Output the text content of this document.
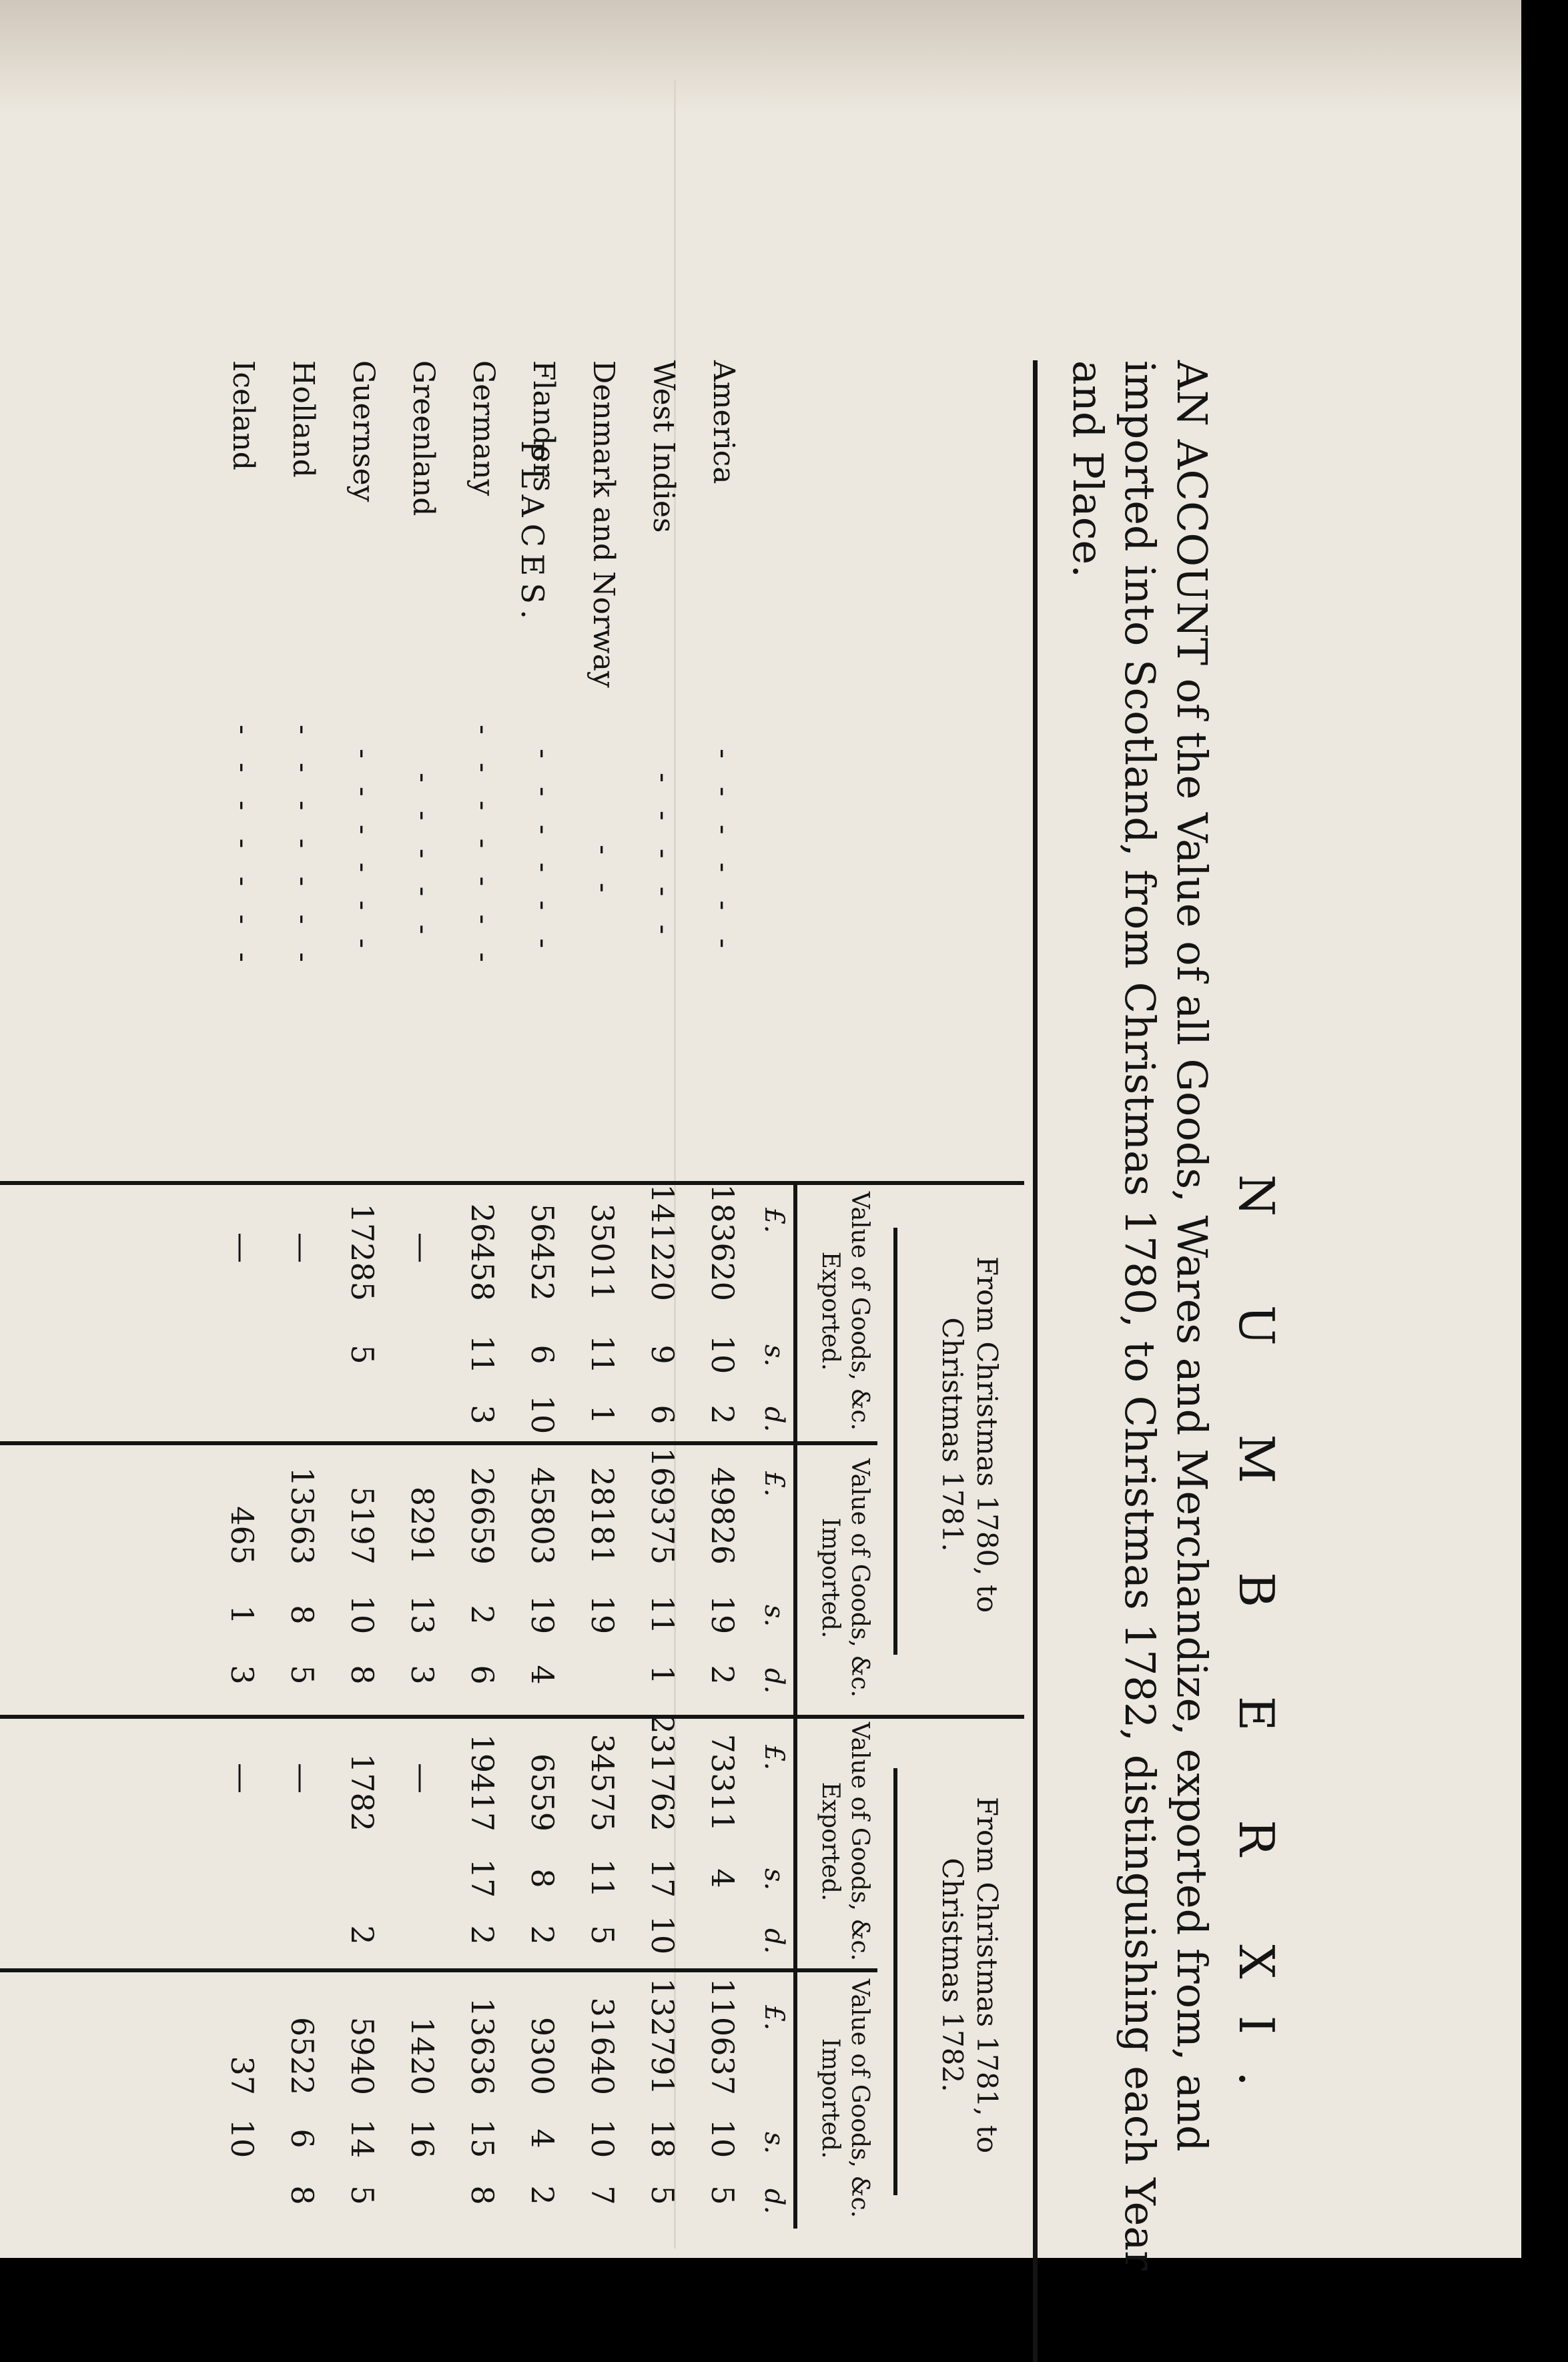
N U M B E R XI.
AN ACCOUNT of the Value of all Goods, Wares and Merchandize, exported from, and imported into Scotland, from Christmas 1780, to Christmas 1782, distinguishing each Year and Place.
From Christmas 1780, to Christmas 1781.
From Christmas 1781, to Christmas 1782.
Value of Goods, &c. Exported.
Value of Goods, &c. Imported.
Value of Goods, &c. Exported.
Value of Goods, &c. Imported.
PLACES.
£.
s.
d.
£.
s.
d.
£.
s.
d.
£.
s.
d.
America
- - - - - -
183620
10
2
49826
19
2
73311
4
110637
10
5
West Indies
- - - - -
141220
9
6
169375
11
1
231762
17
10
132791
18
5
Denmark and Norway
- -
35011
11
1
28181
19
34575
11
5
31640
10
7
Flanders
- - - - - -
56452
6
10
45803
19
4
6559
8
2
9300
4
2
Germany
- - - - - - -
26458
11
3
26659
2
6
19417
17
2
13636
15
8
Greenland
- - - - -
—
8291
13
3
—
1420
16
Guernsey
- - - - - -
17285
5
5197
10
8
1782
2
5940
14
5
Holland
- - - - - - -
—
13563
8
5
—
6522
6
8
Iceland
- - - - - - -
—
465
1
3
—
37
10
